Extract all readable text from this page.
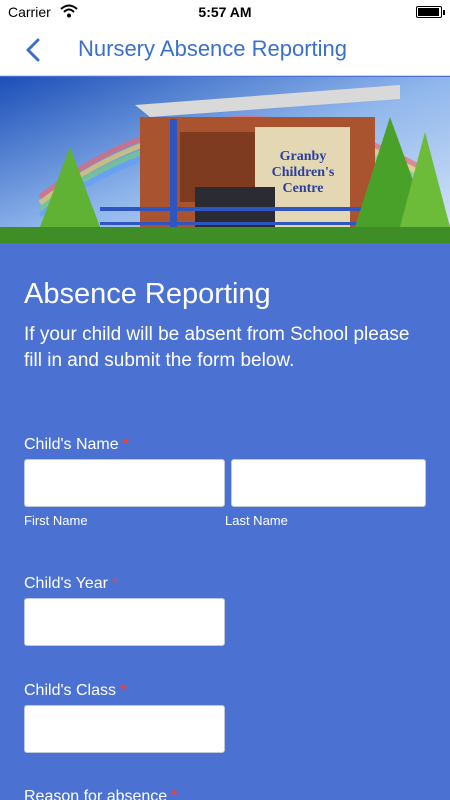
Carrier	5:57 AM
Nursery Absence Reporting
Granby
Children's
Centre
Absence Reporting
If your child will be absent from School please fill in and submit the form below.
Child's Name *
First Name	Last Name
Child's Year *
Child's Class *
Reason for absence *
